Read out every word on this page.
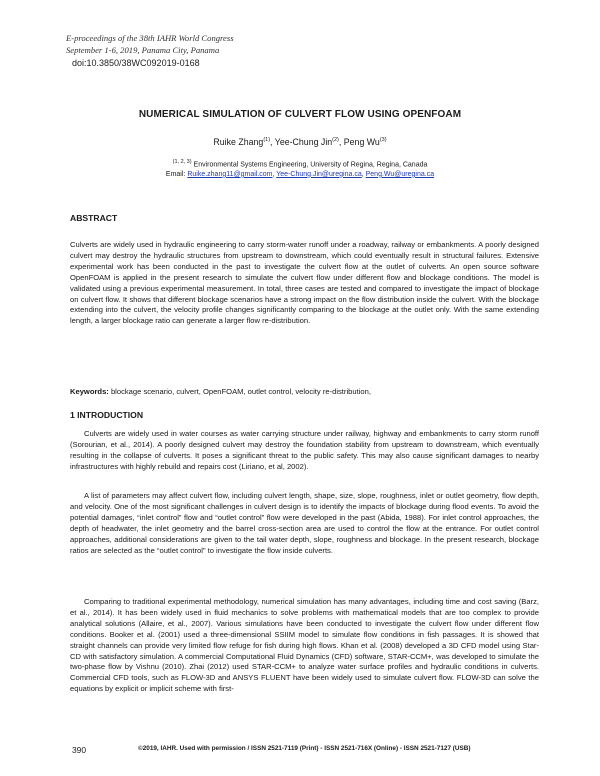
E-proceedings of the 38th IAHR World Congress
September 1-6, 2019, Panama City, Panama
doi:10.3850/38WC092019-0168
NUMERICAL SIMULATION OF CULVERT FLOW USING OPENFOAM
Ruike Zhang$^{(1)}$, Yee-Chung Jin$^{(2)}$, Peng Wu$^{(3)}$
$^{(1, 2, 3)}$ Environmental Systems Engineering, University of Regina, Regina, Canada
Email: Ruike.zhang11@gmail.com, Yee-Chung.Jin@uregina.ca, Peng.Wu@uregina.ca
ABSTRACT

Culverts are widely used in hydraulic engineering to carry storm-water runoff under a roadway, railway or embankments. A poorly designed culvert may destroy the hydraulic structures from upstream to downstream, which could eventually result in structural failures. Extensive experimental work has been conducted in the past to investigate the culvert flow at the outlet of culverts. An open source software OpenFOAM is applied in the present research to simulate the culvert flow under different flow and blockage conditions. The model is validated using a previous experimental measurement. In total, three cases are tested and compared to investigate the impact of blockage on culvert flow. It shows that different blockage scenarios have a strong impact on the flow distribution inside the culvert. With the blockage extending into the culvert, the velocity profile changes significantly comparing to the blockage at the outlet only. With the same extending length, a larger blockage ratio can generate a larger flow re-distribution.

Keywords: blockage scenario, culvert, OpenFOAM, outlet control, velocity re-distribution,

1 INTRODUCTION

Culverts are widely used in water courses as water carrying structure under railway, highway and embankments to carry storm runoff (Sorourian, et al., 2014). A poorly designed culvert may destroy the foundation stability from upstream to downstream, which eventually resulting in the collapse of culverts. It poses a significant threat to the public safety. This may also cause significant damages to nearby infrastructures with highly rebuild and repairs cost (Liriano, et al, 2002).

A list of parameters may affect culvert flow, including culvert length, shape, size, slope, roughness, inlet or outlet geometry, flow depth, and velocity. One of the most significant challenges in culvert design is to identify the impacts of blockage during flood events. To avoid the potential damages, “inlet control” flow and “outlet control” flow were developed in the past (Abida, 1988). For inlet control approaches, the depth of headwater, the inlet geometry and the barrel cross-section area are used to control the flow at the entrance. For outlet control approaches, additional considerations are given to the tail water depth, slope, roughness and blockage. In the present research, blockage ratios are selected as the “outlet control” to investigate the flow inside culverts.

Comparing to traditional experimental methodology, numerical simulation has many advantages, including time and cost saving (Barz, et al., 2014). It has been widely used in fluid mechanics to solve problems with mathematical models that are too complex to provide analytical solutions (Allaire, et al., 2007). Various simulations have been conducted to investigate the culvert flow under different flow conditions. Booker et al. (2001) used a three-dimensional SSIIM model to simulate flow conditions in fish passages. It is showed that straight channels can provide very limited flow refuge for fish during high flows. Khan et al. (2008) developed a 3D CFD model using Star-CD with satisfactory simulation. A commercial Computational Fluid Dynamics (CFD) software, STAR-CCM+, was developed to simulate the two-phase flow by Vishnu (2010). Zhai (2012) used STAR-CCM+ to analyze water surface profiles and hydraulic conditions in culverts. Commercial CFD tools, such as FLOW-3D and ANSYS FLUENT have been widely used to simulate culvert flow. FLOW-3D can solve the equations by explicit or implicit scheme with first-

390	©2019, IAHR. Used with permission / ISSN 2521-7119 (Print) - ISSN 2521-716X (Online) - ISSN 2521-7127 (USB)
